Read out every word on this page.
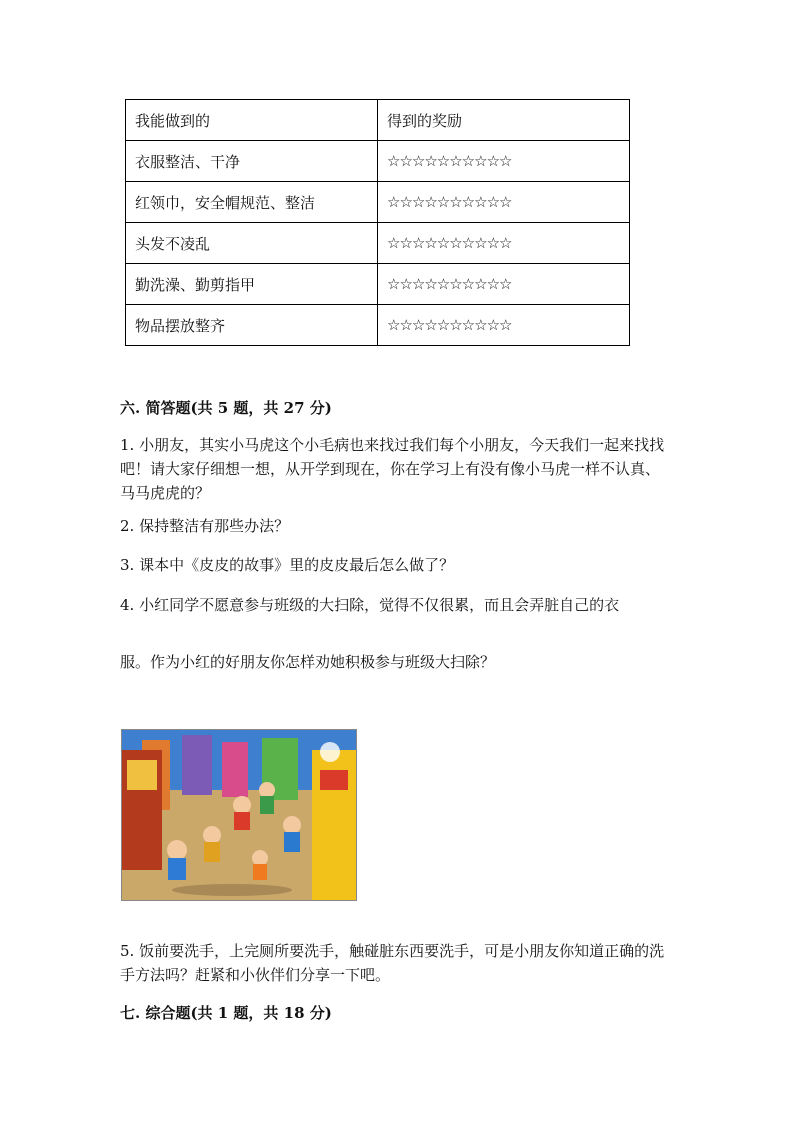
我能做到的	得到的奖励
衣服整洁、干净	☆☆☆☆☆☆☆☆☆☆
红领巾，安全帽规范、整洁	☆☆☆☆☆☆☆☆☆☆
头发不凌乱	☆☆☆☆☆☆☆☆☆☆
勤洗澡、勤剪指甲	☆☆☆☆☆☆☆☆☆☆
物品摆放整齐	☆☆☆☆☆☆☆☆☆☆
六. 简答题(共 5 题，共 27 分)
1. 小朋友，其实小马虎这个小毛病也来找过我们每个小朋友，今天我们一起来找找吧！请大家仔细想一想，从开学到现在，你在学习上有没有像小马虎一样不认真、马马虎虎的？
2. 保持整洁有那些办法？
3. 课本中《皮皮的故事》里的皮皮最后怎么做了？
4. 小红同学不愿意参与班级的大扫除，觉得不仅很累，而且会弄脏自己的衣
服。作为小红的好朋友你怎样劝她积极参与班级大扫除？
5. 饭前要洗手，上完厕所要洗手，触碰脏东西要洗手，可是小朋友你知道正确的洗手方法吗？赶紧和小伙伴们分享一下吧。
七. 综合题(共 1 题，共 18 分)
